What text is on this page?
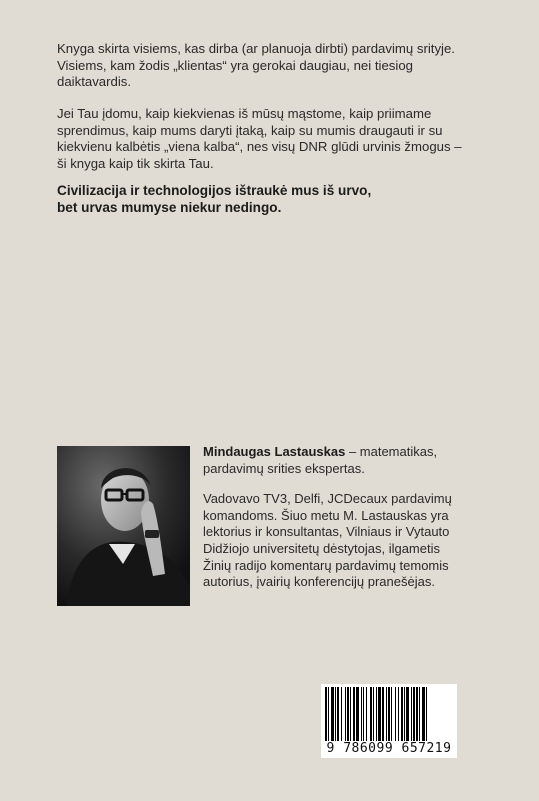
Knyga skirta visiems, kas dirba (ar planuoja dirbti) pardavimų srityje. Visiems, kam žodis „klientas“ yra gerokai daugiau, nei tiesiog daiktavardis.

Jei Tau įdomu, kaip kiekvienas iš mūsų mąstome, kaip priimame sprendimus, kaip mums daryti įtaką, kaip su mumis draugauti ir su kiekvienu kalbėtis „viena kalba“, nes visų DNR glūdi urvinis žmogus – ši knyga kaip tik skirta Tau.

Civilizacija ir technologijos ištraukė mus iš urvo,

bet urvas mumyse niekur nedingo.

Mindaugas Lastauskas – matematikas, pardavimų srities ekspertas.

Vadovavo TV3, Delfi, JCDecaux pardavimų komandoms. Šiuo metu M. Lastauskas yra lektorius ir konsultantas, Vilniaus ir Vytauto Didžiojo universitetų dėstytojas, ilgametis Žinių radijo komentarų pardavimų temomis autorius, įvairių konferencijų pranešėjas.

9 786099 657219
